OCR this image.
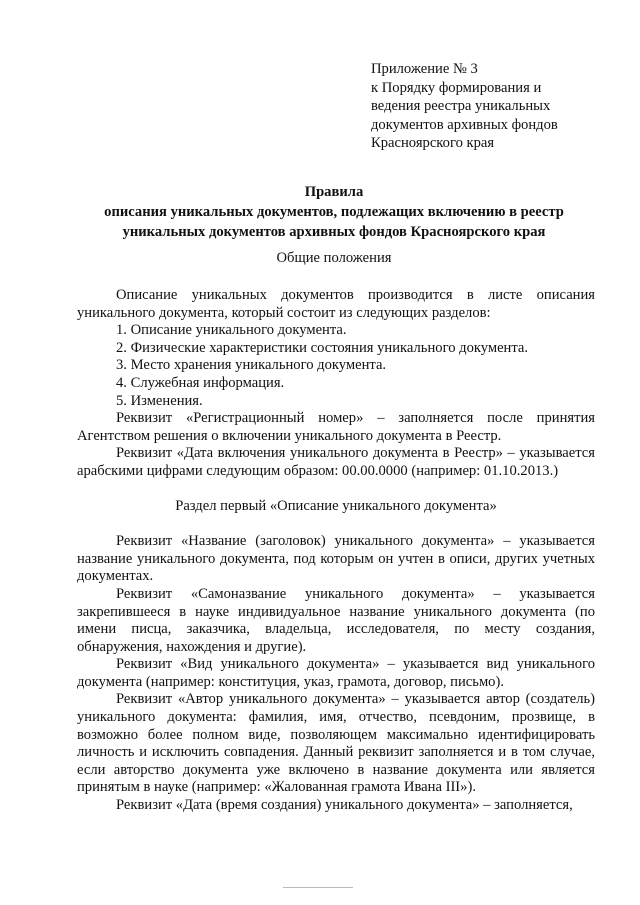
Приложение № 3
к Порядку формирования и
ведения реестра уникальных
документов архивных фондов
Красноярского края
Правила
описания уникальных документов, подлежащих включению в реестр
уникальных документов архивных фондов Красноярского края
Общие положения

Описание уникальных документов производится в листе описания уникального документа, который состоит из следующих разделов:

1. Описание уникального документа.

2. Физические характеристики состояния уникального документа.

3. Место хранения уникального документа.

4. Служебная информация.

5. Изменения.

Реквизит «Регистрационный номер» – заполняется после принятия Агентством решения о включении уникального документа в Реестр.

Реквизит «Дата включения уникального документа в Реестр» – указывается арабскими цифрами следующим образом: 00.00.0000 (например: 01.10.2013.)

Раздел первый «Описание уникального документа»

Реквизит «Название (заголовок) уникального документа» – указывается название уникального документа, под которым он учтен в описи, других учетных документах.

Реквизит «Самоназвание уникального документа» – указывается закрепившееся в науке индивидуальное название уникального документа (по имени писца, заказчика, владельца, исследователя, по месту создания, обнаружения, нахождения и другие).

Реквизит «Вид уникального документа» – указывается вид уникального документа (например: конституция, указ, грамота, договор, письмо).

Реквизит «Автор уникального документа» – указывается автор (создатель) уникального документа: фамилия, имя, отчество, псевдоним, прозвище, в возможно более полном виде, позволяющем максимально идентифицировать личность и исключить совпадения. Данный реквизит заполняется и в том случае, если авторство документа уже включено в название документа или является принятым в науке (например: «Жалованная грамота Ивана III»).

Реквизит «Дата (время создания) уникального документа» – заполняется,
